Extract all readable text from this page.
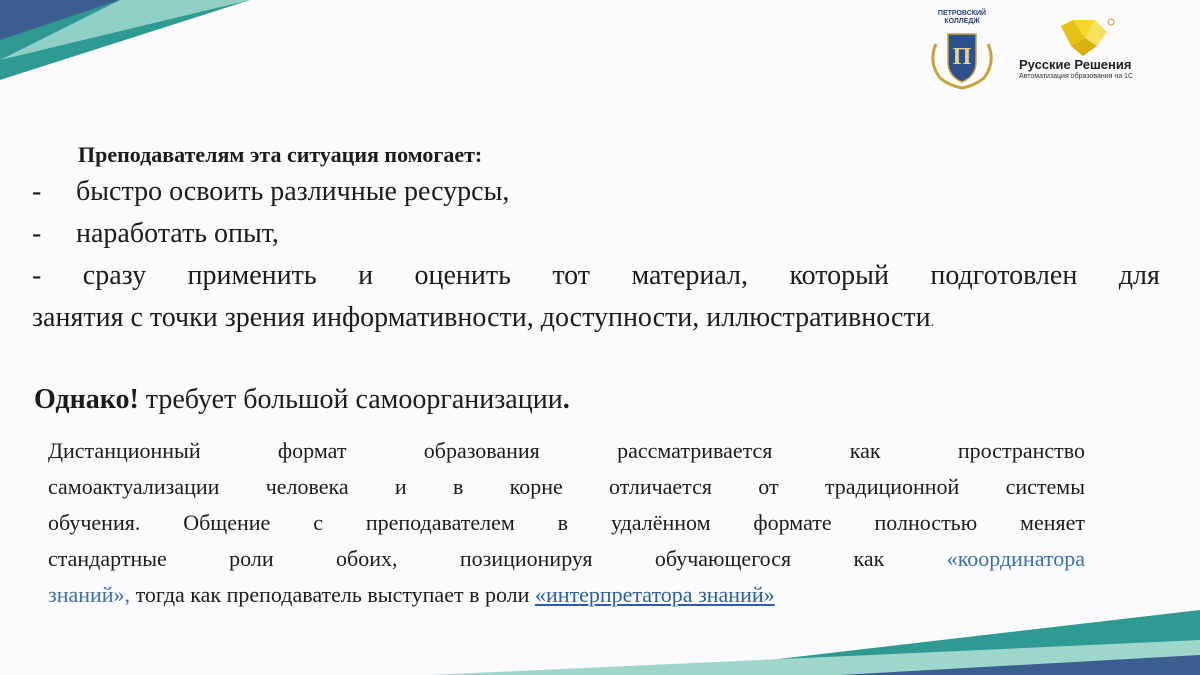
ПЕТРОВСКИЙ КОЛЛЕДЖ
П	Русские Решения
Автоматизация образования на 1С
Преподавателям эта ситуация помогает:
- быстро освоить различные ресурсы,
- наработать опыт,
- сразу применить и оценить тот материал, который подготовлен для
занятия с точки зрения информативности, доступности, иллюстративности.
Однако! требует большой самоорганизации.
Дистанционный формат образования рассматривается как пространство
самоактуализации человека и в корне отличается от традиционной системы
обучения. Общение с преподавателем в удалённом формате полностью меняет
стандартные роли обоих, позиционируя обучающегося как «координатора
знаний», тогда как преподаватель выступает в роли «интерпретатора знаний»
